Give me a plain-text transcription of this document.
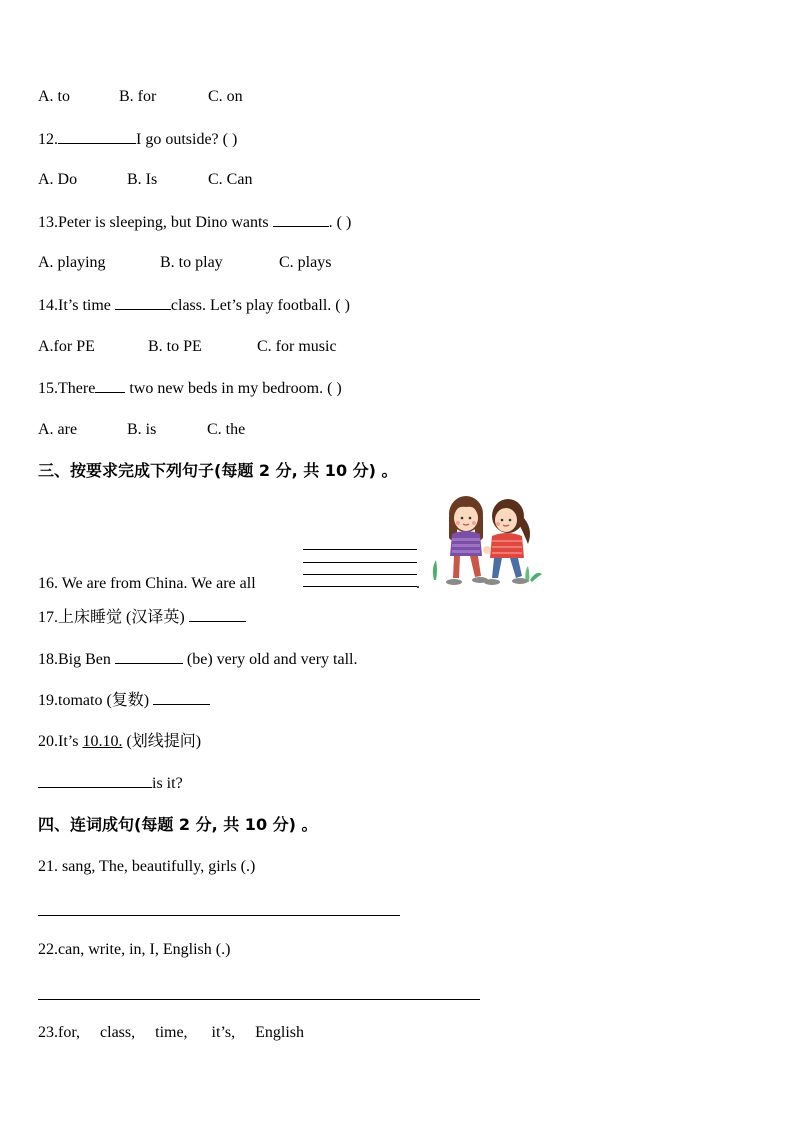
A. to	B. for	C. on
12.	I go outside? ( )
A. Do	B. Is	C. Can
13.Peter is sleeping, but Dino wants	. ( )
A. playing	B. to play	C. plays
14.It’s time	class. Let’s play football. ( )
A.for PE	B. to PE	C. for music
15.There two new beds in my bedroom. ( )
A. are	B. is	C. the
三、按要求完成下列句子(每题 2 分, 共 10 分) 。
16. We are from China. We are all	.
17.上床睡觉 (汉译英)
18.Big Ben	(be) very old and very tall.
19.tomato (复数)
20.It’s 10.10. (划线提问)
is it?
四、连词成句(每题 2 分, 共 10 分) 。
21. sang, The, beautifully, girls (.)
22.can, write, in, I, English (.)
23.for,     class,     time,      it’s,     English
